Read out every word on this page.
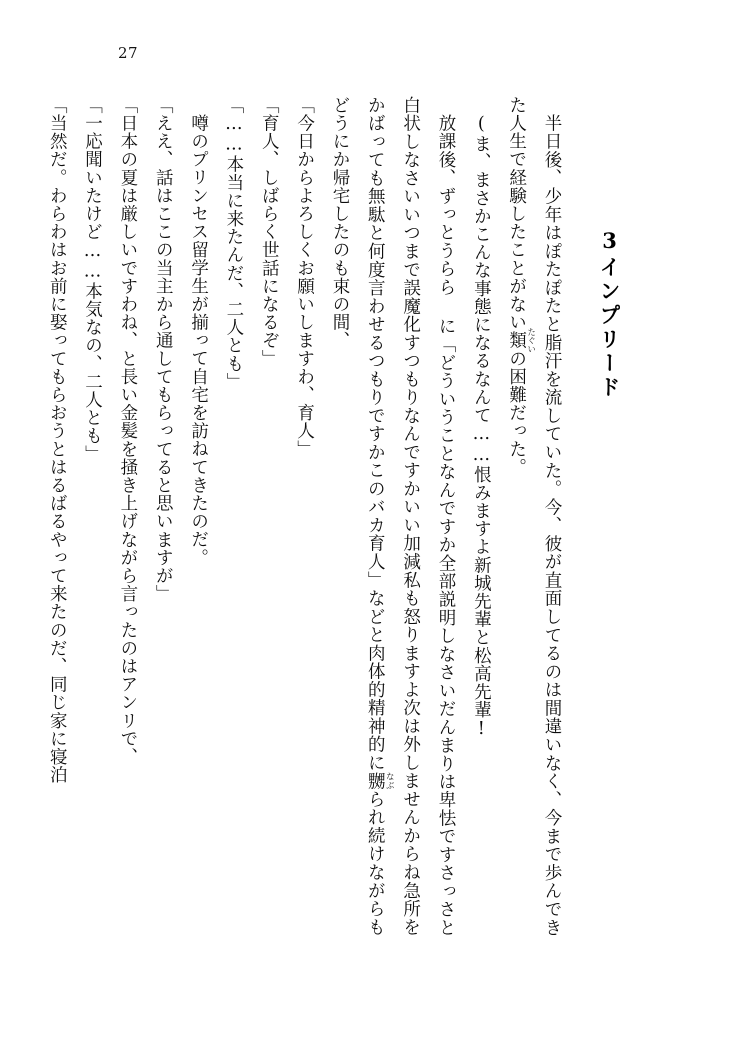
27
3インプリード

半日後、少年はぽたぽたと脂汗を流していた。今、彼が直面してるのは間違いなく、今まで歩んできた人生で経験したことがない類 たぐいの困難だった。

(ま、まさかこんな事態になるなんて……恨みますよ新城先輩と松高先輩!

放課後、ずっとうらら に「どういうことなんですか全部説明しなさいだんまりは卑怯ですさっさと白状しなさいいつまで誤魔化すつもりなんですかいい加減私も怒りますよ次は外しませんからね急所をかばっても無駄と何度言わせるつもりですかこのバカ育人」などと肉体的精神的に嬲 なぶられ続けながらもどうにか帰宅したのも束の間、

「今日からよろしくお願いしますわ、育人」

「育人、しばらく世話になるぞ」

「……本当に来たんだ、二人とも」

噂のプリンセス留学生が揃って自宅を訪ねてきたのだ。

「ええ、話はここの当主から通してもらってると思いますが」

「日本の夏は厳しいですわね、と長い金髪を掻き上げながら言ったのはアンリで、

「一応聞いたけど……本気なの、二人とも」

「当然だ。わらわはお前に娶ってもらおうとはるばるやって来たのだ、同じ家に寝泊
